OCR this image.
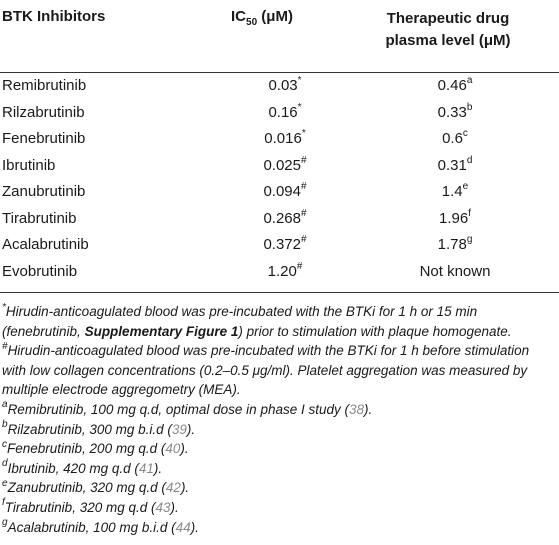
BTK Inhibitors	$IC_{50}$ (μM)	Therapeutic drug
plasma level (μM)
Remibrutinib	0.03*	0.46$^a$
Rilzabrutinib	0.16*	0.33$^b$
Fenebrutinib	0.016*	0.6$^c$
Ibrutinib	0.025#	0.31$^d$
Zanubrutinib	0.094#	1.4e
Tirabrutinib	0.268#	1.96$^f$
Acalabrutinib	0.372#	1.78$^g$
Evobrutinib	1.20#	Not known

*Hirudin-anticoagulated blood was pre-incubated with the BTKi for 1 h or 15 min (fenebrutinib, Supplementary Figure 1) prior to stimulation with plaque homogenate.

#Hirudin-anticoagulated blood was pre-incubated with the BTKi for 1 h before stimulation with low collagen concentrations (0.2–0.5 μg/ml). Platelet aggregation was measured by multiple electrode aggregometry (MEA).

$^a$Remibrutinib, 100 mg q.d, optimal dose in phase I study (38).

$^b$Rilzabrutinib, 300 mg b.i.d (39).

$^c$Fenebrutinib, 200 mg q.d (40).

$^d$Ibrutinib, 420 mg q.d (41).

$^e$Zanubrutinib, 320 mg q.d (42).

$^f$Tirabrutinib, 320 mg q.d (43).

$^g$Acalabrutinib, 100 mg b.i.d (44).
